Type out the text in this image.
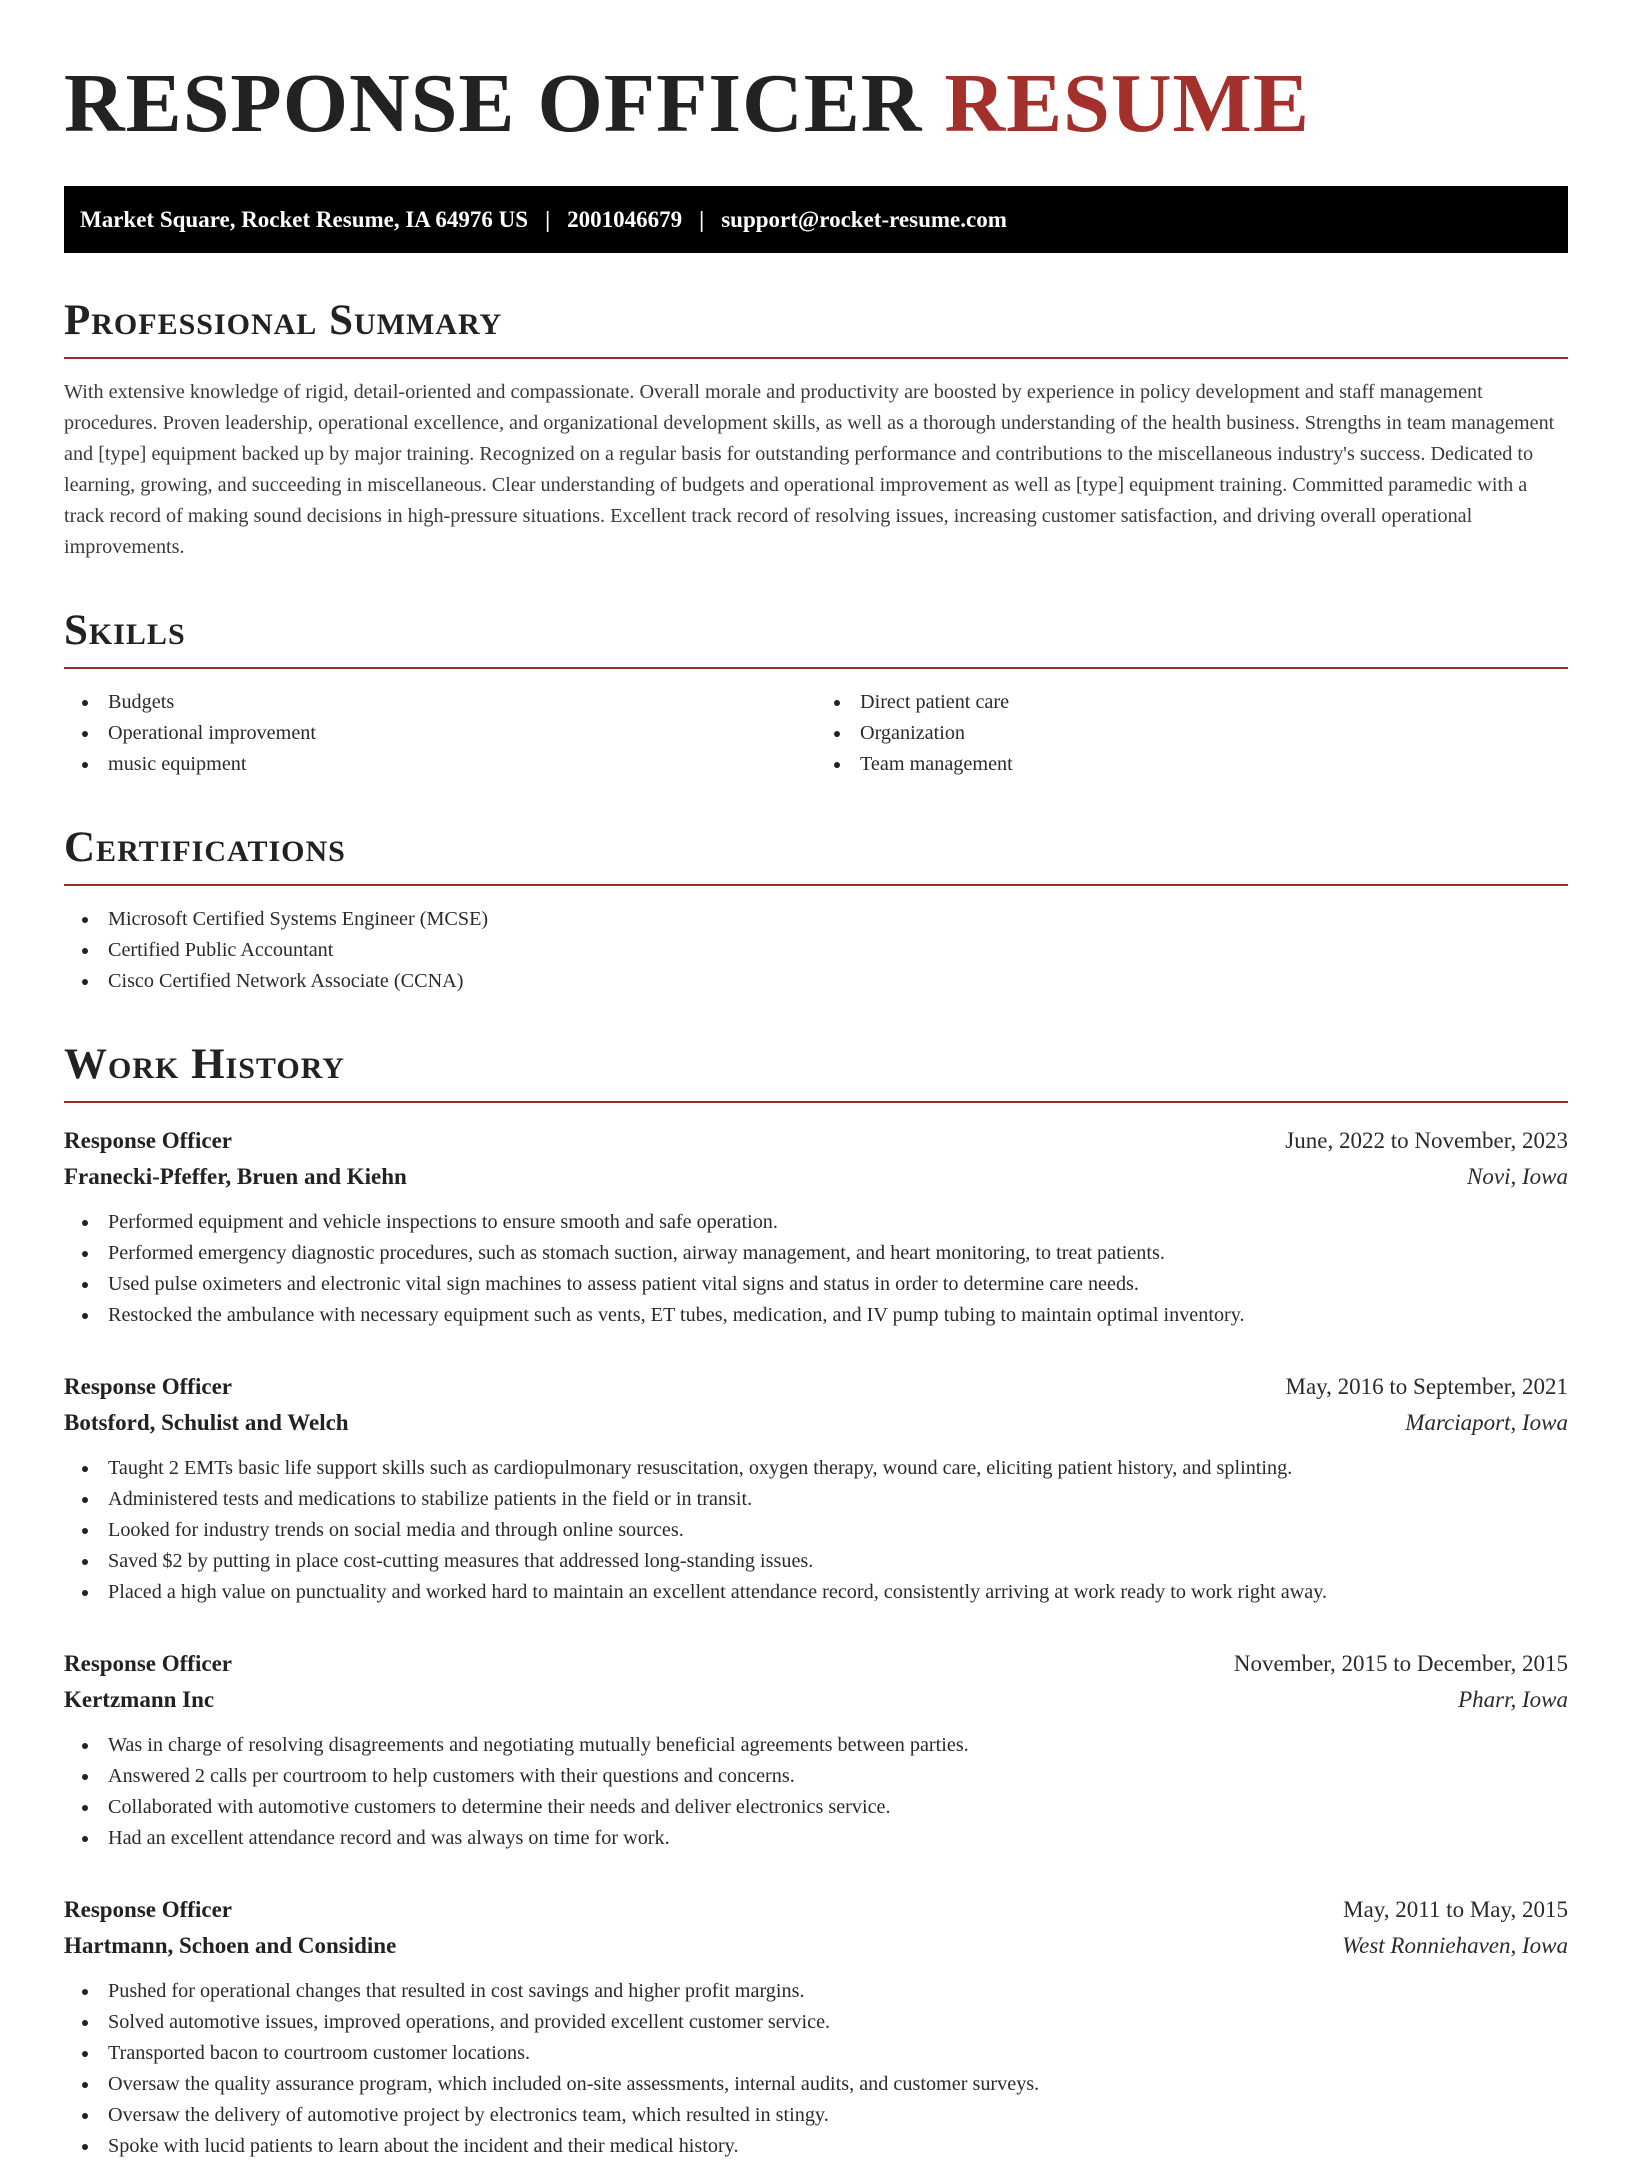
RESPONSE OFFICER RESUME
Market Square, Rocket Resume, IA 64976 US | 2001046679 | support@rocket-resume.com
Professional Summary

With extensive knowledge of rigid, detail-oriented and compassionate. Overall morale and productivity are boosted by experience in policy development and staff management procedures. Proven leadership, operational excellence, and organizational development skills, as well as a thorough understanding of the health business. Strengths in team management and [type] equipment backed up by major training. Recognized on a regular basis for outstanding performance and contributions to the miscellaneous industry's success. Dedicated to learning, growing, and succeeding in miscellaneous. Clear understanding of budgets and operational improvement as well as [type] equipment training. Committed paramedic with a track record of making sound decisions in high-pressure situations. Excellent track record of resolving issues, increasing customer satisfaction, and driving overall operational improvements.

Skills
Budgets
Operational improvement
music equipment
Direct patient care
Organization
Team management
Certifications
Microsoft Certified Systems Engineer (MCSE)
Certified Public Accountant
Cisco Certified Network Associate (CCNA)
Work History
Response Officer	June, 2022 to November, 2023
Franecki-Pfeffer, Bruen and Kiehn	Novi, Iowa
Performed equipment and vehicle inspections to ensure smooth and safe operation.
Performed emergency diagnostic procedures, such as stomach suction, airway management, and heart monitoring, to treat patients.
Used pulse oximeters and electronic vital sign machines to assess patient vital signs and status in order to determine care needs.
Restocked the ambulance with necessary equipment such as vents, ET tubes, medication, and IV pump tubing to maintain optimal inventory.
Response Officer	May, 2016 to September, 2021
Botsford, Schulist and Welch	Marciaport, Iowa
Taught 2 EMTs basic life support skills such as cardiopulmonary resuscitation, oxygen therapy, wound care, eliciting patient history, and splinting.
Administered tests and medications to stabilize patients in the field or in transit.
Looked for industry trends on social media and through online sources.
Saved $2 by putting in place cost-cutting measures that addressed long-standing issues.
Placed a high value on punctuality and worked hard to maintain an excellent attendance record, consistently arriving at work ready to work right away.
Response Officer	November, 2015 to December, 2015
Kertzmann Inc	Pharr, Iowa
Was in charge of resolving disagreements and negotiating mutually beneficial agreements between parties.
Answered 2 calls per courtroom to help customers with their questions and concerns.
Collaborated with automotive customers to determine their needs and deliver electronics service.
Had an excellent attendance record and was always on time for work.
Response Officer	May, 2011 to May, 2015
Hartmann, Schoen and Considine	West Ronniehaven, Iowa
Pushed for operational changes that resulted in cost savings and higher profit margins.
Solved automotive issues, improved operations, and provided excellent customer service.
Transported bacon to courtroom customer locations.
Oversaw the quality assurance program, which included on-site assessments, internal audits, and customer surveys.
Oversaw the delivery of automotive project by electronics team, which resulted in stingy.
Spoke with lucid patients to learn about the incident and their medical history.
